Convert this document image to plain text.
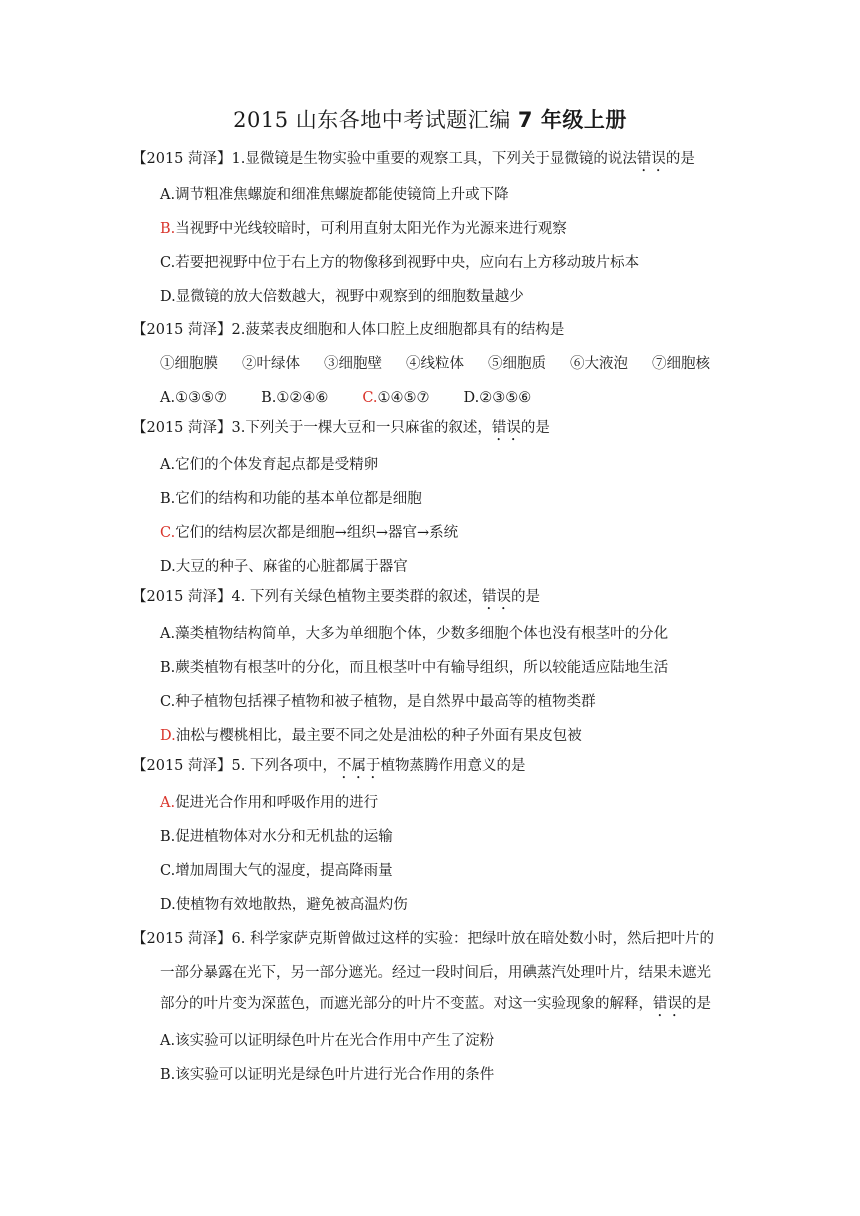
2015 山东各地中考试题汇编 7 年级上册
【2015 菏泽】1.显微镜是生物实验中重要的观察工具，下列关于显微镜的说法错误的是
A.调节粗准焦螺旋和细准焦螺旋都能使镜筒上升或下降
B.当视野中光线较暗时，可利用直射太阳光作为光源来进行观察
C.若要把视野中位于右上方的物像移到视野中央，应向右上方移动玻片标本
D.显微镜的放大倍数越大，视野中观察到的细胞数量越少
【2015 菏泽】2.菠菜表皮细胞和人体口腔上皮细胞都具有的结构是
①细胞膜 ②叶绿体 ③细胞壁 ④线粒体 ⑤细胞质 ⑥大液泡 ⑦细胞核
A.①③⑤⑦ B.①②④⑥ C.①④⑤⑦ D.②③⑤⑥
【2015 菏泽】3.下列关于一棵大豆和一只麻雀的叙述，错误的是
A.它们的个体发育起点都是受精卵
B.它们的结构和功能的基本单位都是细胞
C.它们的结构层次都是细胞→组织→器官→系统
D.大豆的种子、麻雀的心脏都属于器官
【2015 菏泽】4. 下列有关绿色植物主要类群的叙述，错误的是
A.藻类植物结构简单，大多为单细胞个体，少数多细胞个体也没有根茎叶的分化
B.蕨类植物有根茎叶的分化，而且根茎叶中有输导组织，所以较能适应陆地生活
C.种子植物包括裸子植物和被子植物，是自然界中最高等的植物类群
D.油松与樱桃相比，最主要不同之处是油松的种子外面有果皮包被
【2015 菏泽】5. 下列各项中，不属于植物蒸腾作用意义的是
A.促进光合作用和呼吸作用的进行
B.促进植物体对水分和无机盐的运输
C.增加周围大气的湿度，提高降雨量
D.使植物有效地散热，避免被高温灼伤
【2015 菏泽】6. 科学家萨克斯曾做过这样的实验：把绿叶放在暗处数小时，然后把叶片的
一部分暴露在光下，另一部分遮光。经过一段时间后，用碘蒸汽处理叶片，结果未遮光
部分的叶片变为深蓝色，而遮光部分的叶片不变蓝。对这一实验现象的解释，错误的是
A.该实验可以证明绿色叶片在光合作用中产生了淀粉
B.该实验可以证明光是绿色叶片进行光合作用的条件
